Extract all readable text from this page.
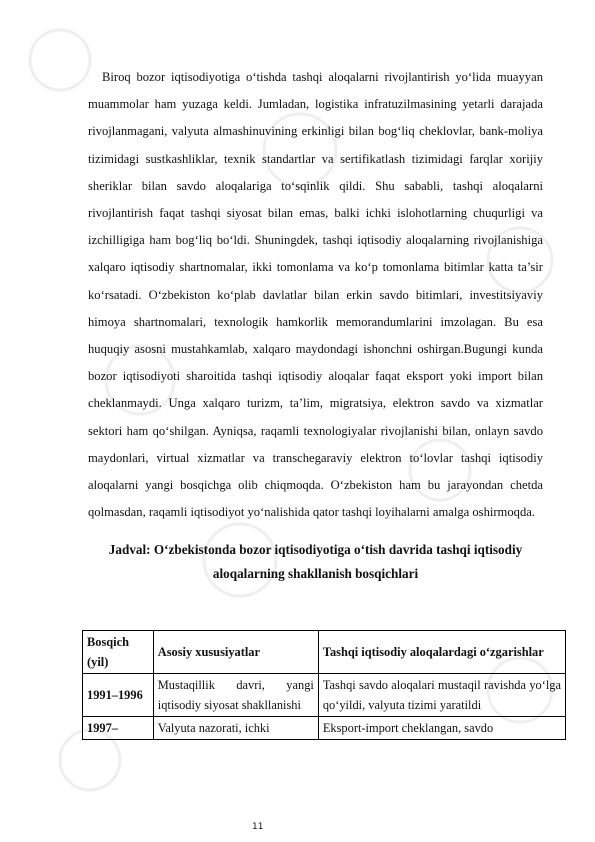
Biroq bozor iqtisodiyotiga o‘tishda tashqi aloqalarni rivojlantirish yo‘lida muayyan muammolar ham yuzaga keldi. Jumladan, logistika infratuzilmasining yetarli darajada rivojlanmagani, valyuta almashinuvining erkinligi bilan bog‘liq cheklovlar, bank-moliya tizimidagi sustkashliklar, texnik standartlar va sertifikatlash tizimidagi farqlar xorijiy sheriklar bilan savdo aloqalariga to‘sqinlik qildi. Shu sababli, tashqi aloqalarni rivojlantirish faqat tashqi siyosat bilan emas, balki ichki islohotlarning chuqurligi va izchilligiga ham bog‘liq bo‘ldi. Shuningdek, tashqi iqtisodiy aloqalarning rivojlanishiga xalqaro iqtisodiy shartnomalar, ikki tomonlama va ko‘p tomonlama bitimlar katta ta’sir ko‘rsatadi. O‘zbekiston ko‘plab davlatlar bilan erkin savdo bitimlari, investitsiyaviy himoya shartnomalari, texnologik hamkorlik memorandumlarini imzolagan. Bu esa huquqiy asosni mustahkamlab, xalqaro maydondagi ishonchni oshirgan.Bugungi kunda bozor iqtisodiyoti sharoitida tashqi iqtisodiy aloqalar faqat eksport yoki import bilan cheklanmaydi. Unga xalqaro turizm, ta’lim, migratsiya, elektron savdo va xizmatlar sektori ham qo‘shilgan. Ayniqsa, raqamli texnologiyalar rivojlanishi bilan, onlayn savdo maydonlari, virtual xizmatlar va transchegaraviy elektron to‘lovlar tashqi iqtisodiy aloqalarni yangi bosqichga olib chiqmoqda. O‘zbekiston ham bu jarayondan chetda qolmasdan, raqamli iqtisodiyot yo‘nalishida qator tashqi loyihalarni amalga oshirmoqda.

Jadval: O‘zbekistonda bozor iqtisodiyotiga o‘tish davrida tashqi iqtisodiy aloqalarning shakllanish bosqichlari
Bosqich (yil)	Asosiy xususiyatlar	Tashqi iqtisodiy aloqalardagi o‘zgarishlar
1991–1996	Mustaqillik davri, yangi iqtisodiy siyosat shakllanishi	Tashqi savdo aloqalari mustaqil ravishda yo‘lga qo‘yildi, valyuta tizimi yaratildi
1997–	Valyuta nazorati, ichki	Eksport-import cheklangan, savdo
11
